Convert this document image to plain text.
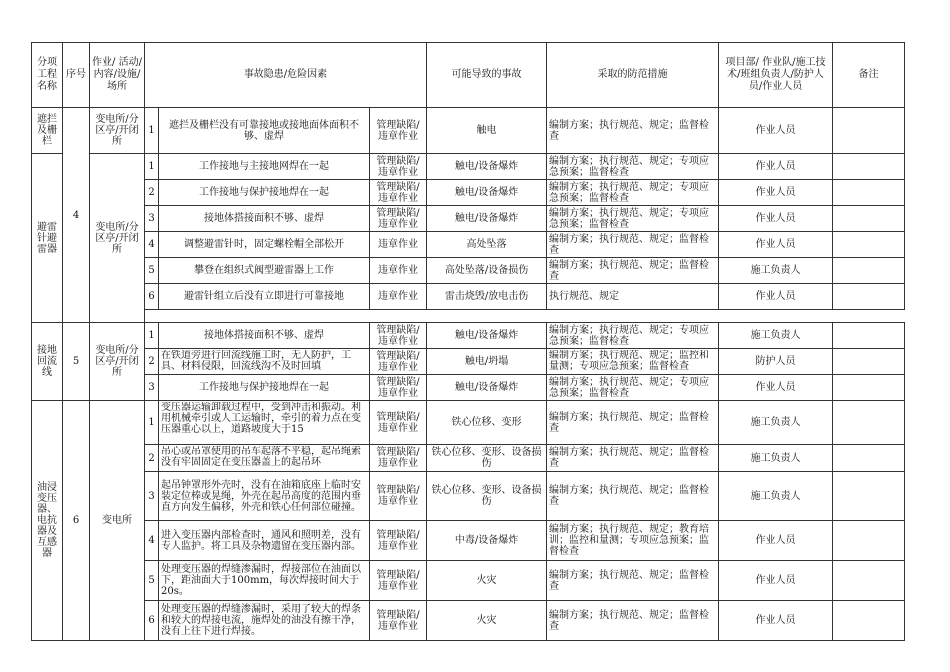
分项工程名称	序号	作业/ 活动/ 内容/设施/场所	事故隐患/危险因素			可能导致的事故	采取的防范措施	项目部/ 作业队/施工技术/班组负责人/防护人员/作业人员	备注
遮拦及栅栏	4	变电所/分区亭/开闭所	1	遮拦及栅栏没有可靠接地或接地面体面积不够、虚焊	管理缺陷/违章作业	触电	编制方案；执行规范、规定；监督检查	作业人员	
避雷针避雷器		变电所/分区亭/开闭所	1	工作接地与主接地网焊在一起	管理缺陷/违章作业	触电/设备爆炸	编制方案；执行规范、规定；专项应急预案；监督检查	作业人员	
			2	工作接地与保护接地焊在一起	管理缺陷/违章作业	触电/设备爆炸	编制方案；执行规范、规定；专项应急预案；监督检查	作业人员	
			3	接地体搭接面积不够、虚焊	管理缺陷/违章作业	触电/设备爆炸	编制方案；执行规范、规定；专项应急预案；监督检查	作业人员	
			4	调整避雷针时，固定螺栓帽全部松开	违章作业	高处坠落	编制方案；执行规范、规定；监督检查	作业人员	
			5	攀登在组织式阀型避雷器上工作	违章作业	高处坠落/设备损伤	编制方案；执行规范、规定；监督检查	施工负责人	
			6	避雷针组立后没有立即进行可靠接地	违章作业	雷击烧毁/放电击伤	执行规范、规定	作业人员	

接地回流线	5	变电所/分区亭/开闭所	1	接地体搭接面积不够、虚焊	管理缺陷/违章作业	触电/设备爆炸	编制方案；执行规范、规定；专项应急预案；监督检查	施工负责人	
			2	在铁道旁进行回流线施工时，无人防护，工具、材料侵限，回流线沟不及时回填	管理缺陷/违章作业	触电/坍塌	编制方案；执行规范、规定；监控和量测；专项应急预案；监督检查	防护人员	
			3	工作接地与保护接地焊在一起	管理缺陷/违章作业	触电/设备爆炸	编制方案；执行规范、规定；专项应急预案；监督检查	作业人员	
油浸变压器、电抗器及互感器	6	变电所	1	变压器运输卸载过程中，受到冲击和振动。利用机械牵引或人工运输时，牵引的着力点在变压器重心以上，道路坡度大于15	管理缺陷/违章作业	铁心位移、变形	编制方案；执行规范、规定；监督检查	施工负责人	
			2	吊心或吊罩使用的吊车起落不平稳，起吊绳索没有牢固固定在变压器盖上的起吊环	管理缺陷/违章作业	铁心位移、变形、设备损伤	编制方案；执行规范、规定；监督检查	施工负责人	
			3	起吊钟罩形外壳时，没有在油箱底座上临时安装定位棒或晃绳，外壳在起吊高度的范围内垂直方向发生偏移，外壳和铁心任何部位碰撞。	管理缺陷/违章作业	铁心位移、变形、设备损伤	编制方案；执行规范、规定；监督检查	施工负责人	
			4	进入变压器内部检查时，通风和照明差，没有专人监护。将工具及杂物遗留在变压器内部。	管理缺陷/违章作业	中毒/设备爆炸	编制方案；执行规范、规定；教育培训；监控和量测；专项应急预案；监督检查	作业人员	
			5	处理变压器的焊缝渗漏时，焊接部位在油面以下，距油面大于100mm，每次焊接时间大于20s。	管理缺陷/违章作业	火灾	编制方案；执行规范、规定；监督检查	作业人员	
			6	处理变压器的焊缝渗漏时，采用了较大的焊条和较大的焊接电流，施焊处的油没有擦干净，没有上往下进行焊接。	管理缺陷/违章作业	火灾	编制方案；执行规范、规定；监督检查	作业人员	
